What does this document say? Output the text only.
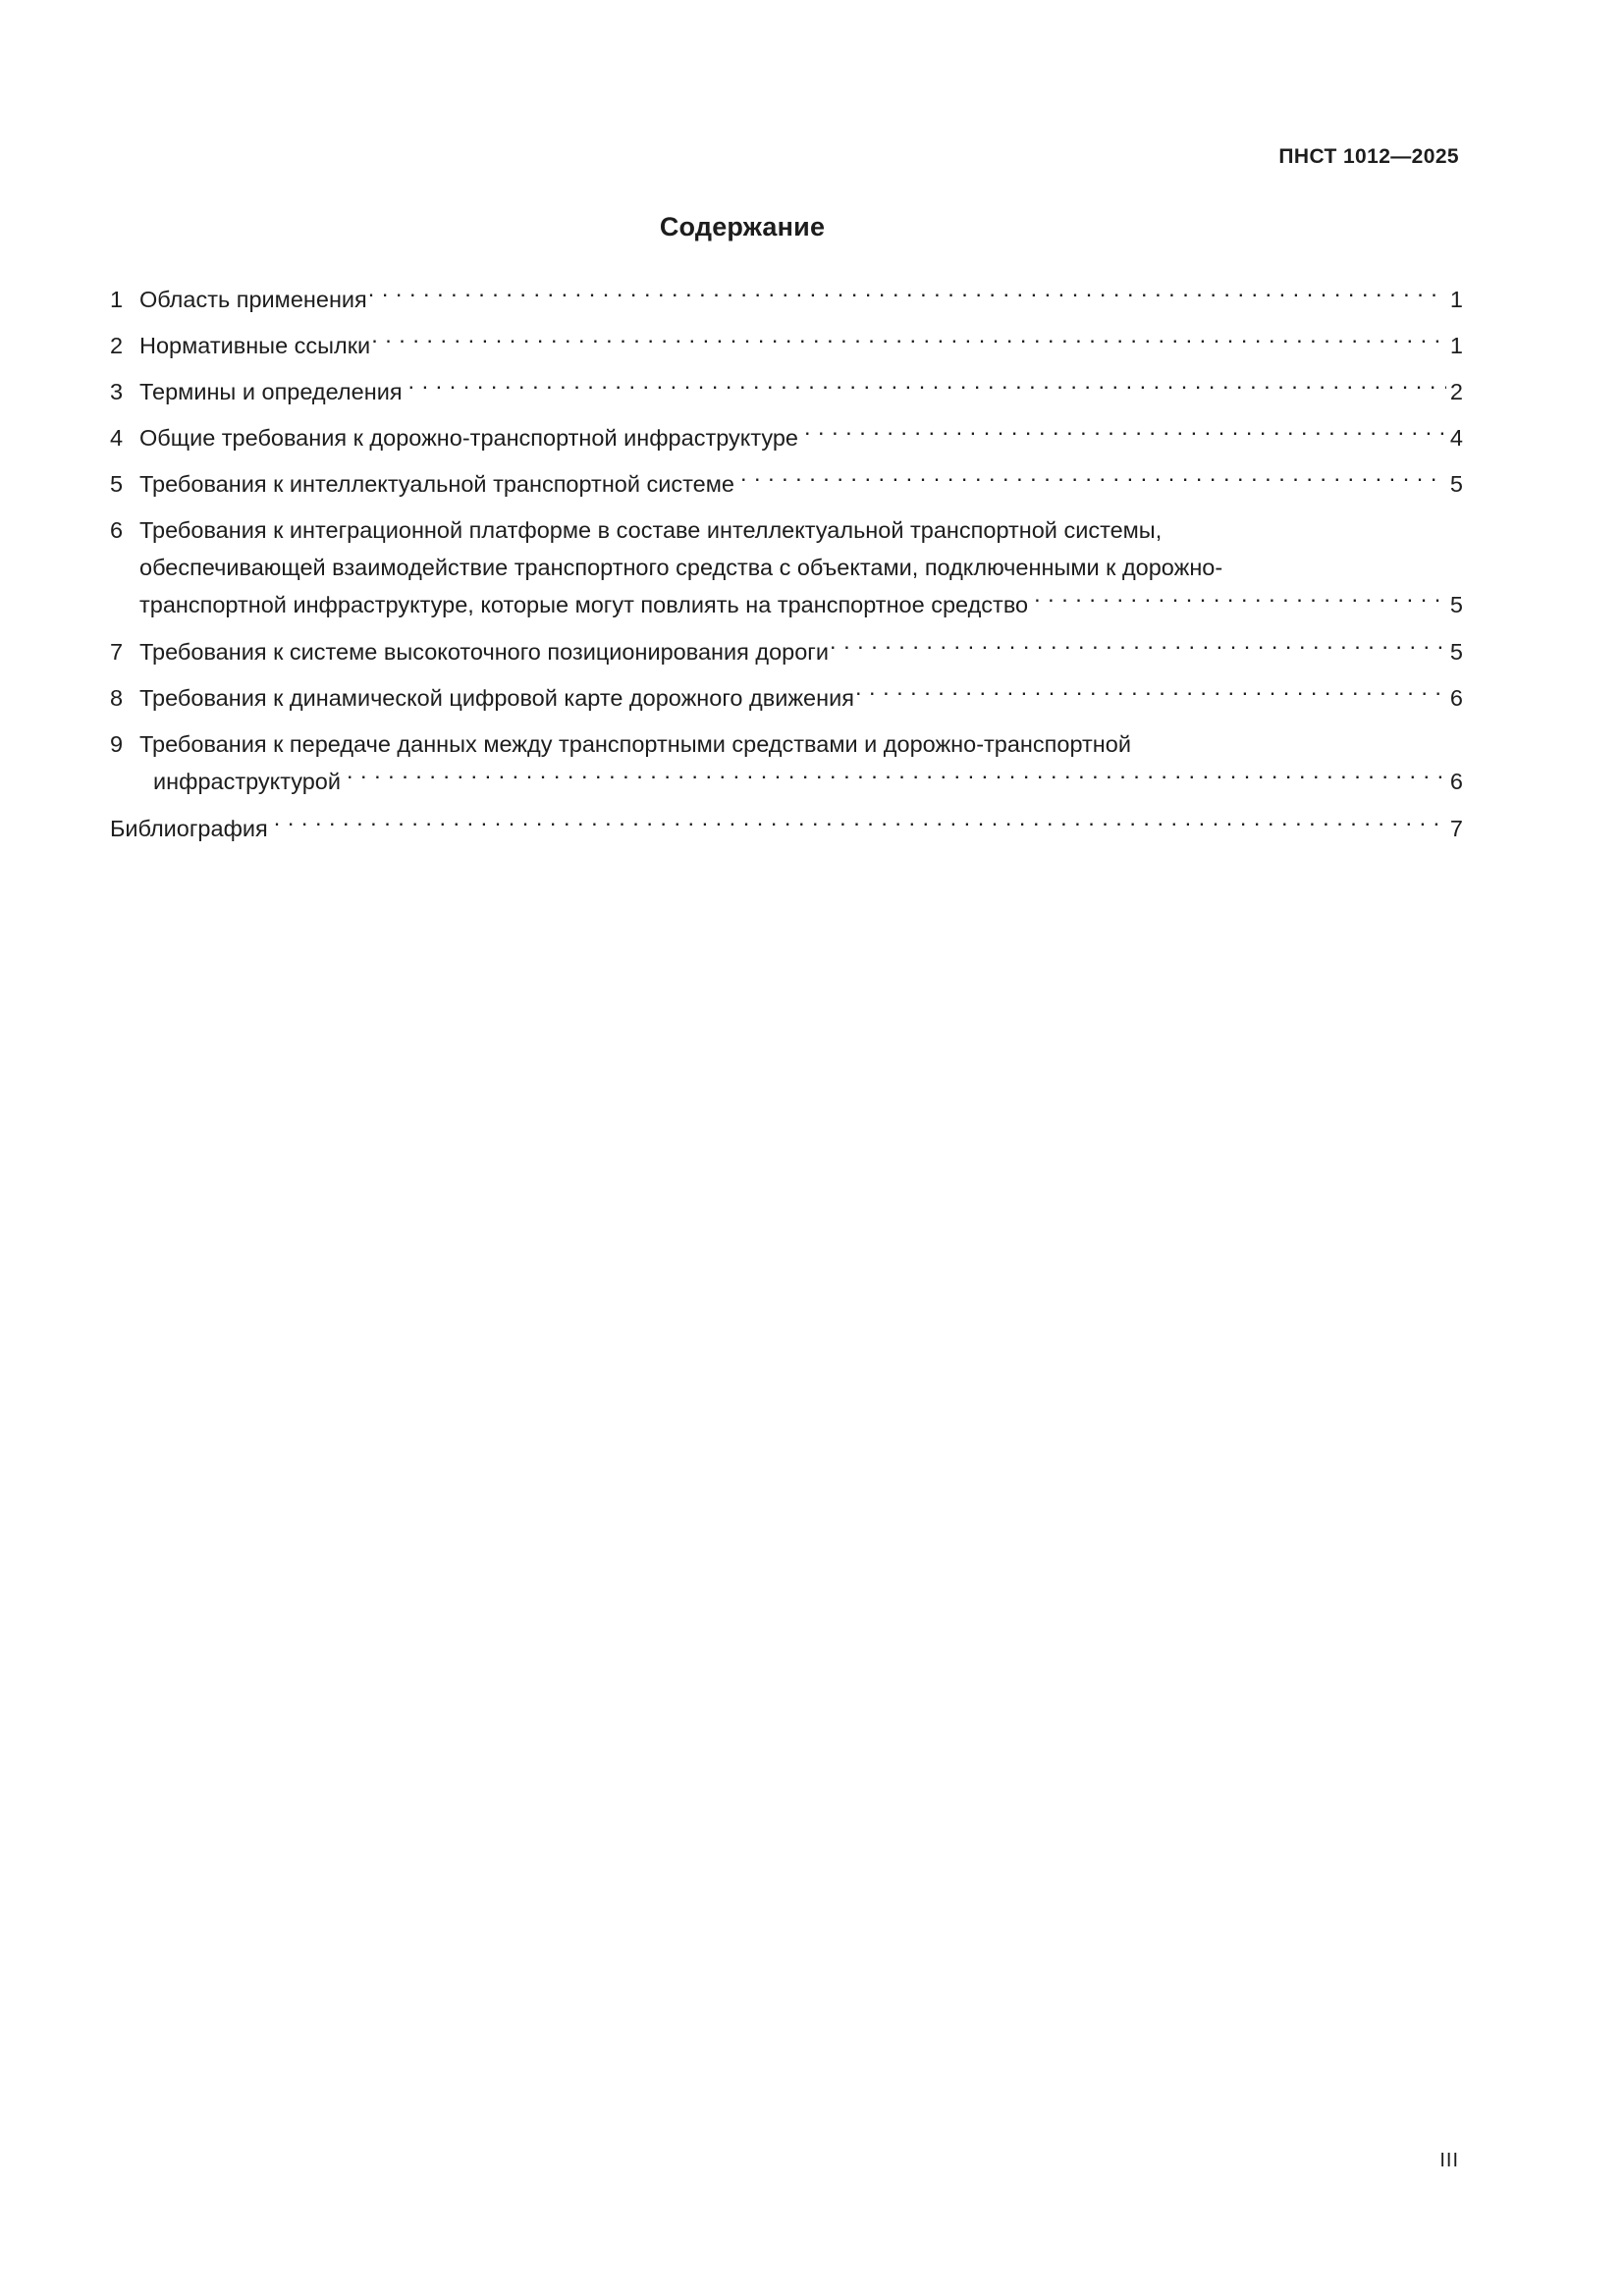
ПНСТ 1012—2025
Содержание
1 Область применения . . .	1
2 Нормативные ссылки . . .	1
3 Термины и определения . . .	2
4 Общие требования к дорожно-транспортной инфраструктуре . . .	4
5 Требования к интеллектуальной транспортной системе . . .	5
6 Требования к интеграционной платформе в составе интеллектуальной транспортной системы,
обеспечивающей взаимодействие транспортного средства с объектами, подключенными к дорожно-
транспортной инфраструктуре, которые могут повлиять на транспортное средство . . .	5
7 Требования к системе высокоточного позиционирования дороги . . .	5
8 Требования к динамической цифровой карте дорожного движения . . .	6
9 Требования к передаче данных между транспортными средствами и дорожно-транспортной
инфраструктурой . . .	6
Библиография . . .	7
III
